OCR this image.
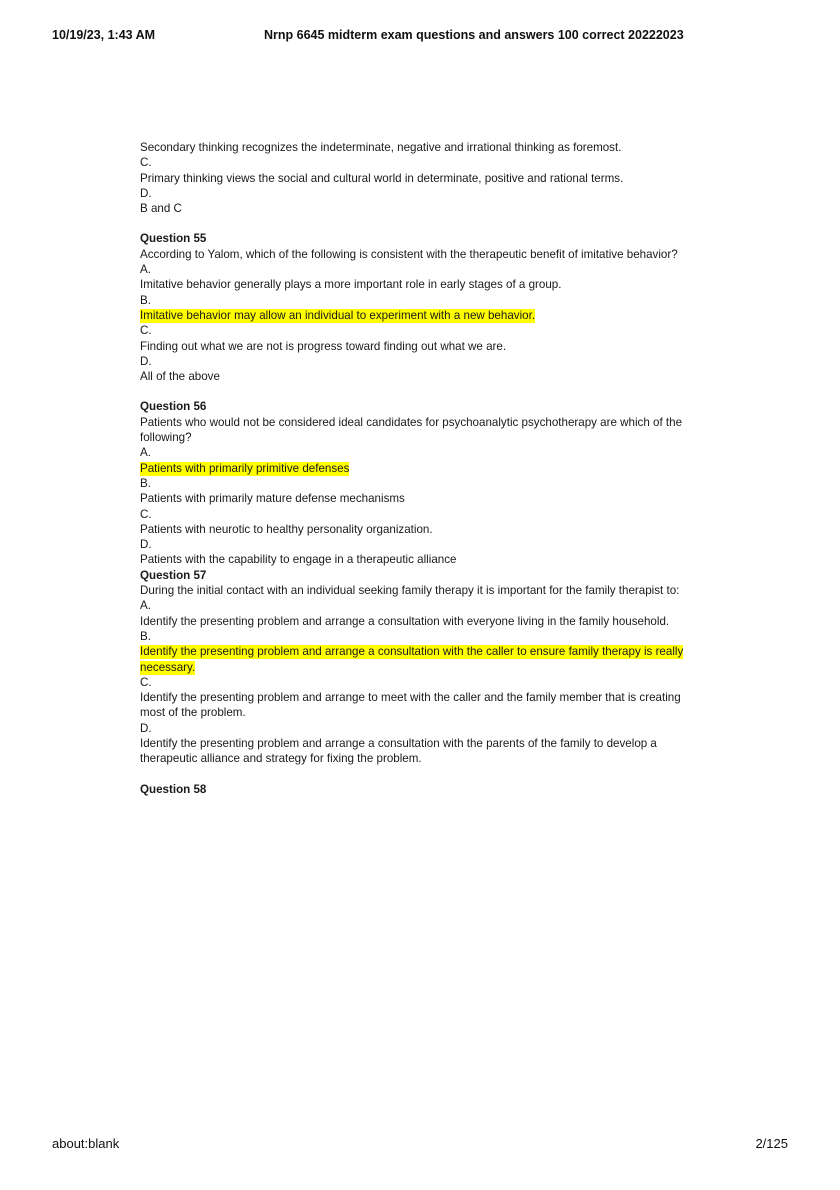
10/19/23, 1:43 AM	Nrnp 6645 midterm exam questions and answers 100 correct 20222023

Secondary thinking recognizes the indeterminate, negative and irrational thinking as foremost.

C.

Primary thinking views the social and cultural world in determinate, positive and rational terms.

D.

B and C

Question 55

According to Yalom, which of the following is consistent with the therapeutic benefit of imitative behavior?

A.

Imitative behavior generally plays a more important role in early stages of a group.

B.

Imitative behavior may allow an individual to experiment with a new behavior.

C.

Finding out what we are not is progress toward finding out what we are.

D.

All of the above

Question 56

Patients who would not be considered ideal candidates for psychoanalytic psychotherapy are which of the following?

A.

Patients with primarily primitive defenses

B.

Patients with primarily mature defense mechanisms

C.

Patients with neurotic to healthy personality organization.

D.

Patients with the capability to engage in a therapeutic alliance

Question 57

During the initial contact with an individual seeking family therapy it is important for the family therapist to:

A.

Identify the presenting problem and arrange a consultation with everyone living in the family household.

B.

Identify the presenting problem and arrange a consultation with the caller to ensure family therapy is really necessary.

C.

Identify the presenting problem and arrange to meet with the caller and the family member that is creating most of the problem.

D.

Identify the presenting problem and arrange a consultation with the parents of the family to develop a therapeutic alliance and strategy for fixing the problem.

Question 58

about:blank	2/125
